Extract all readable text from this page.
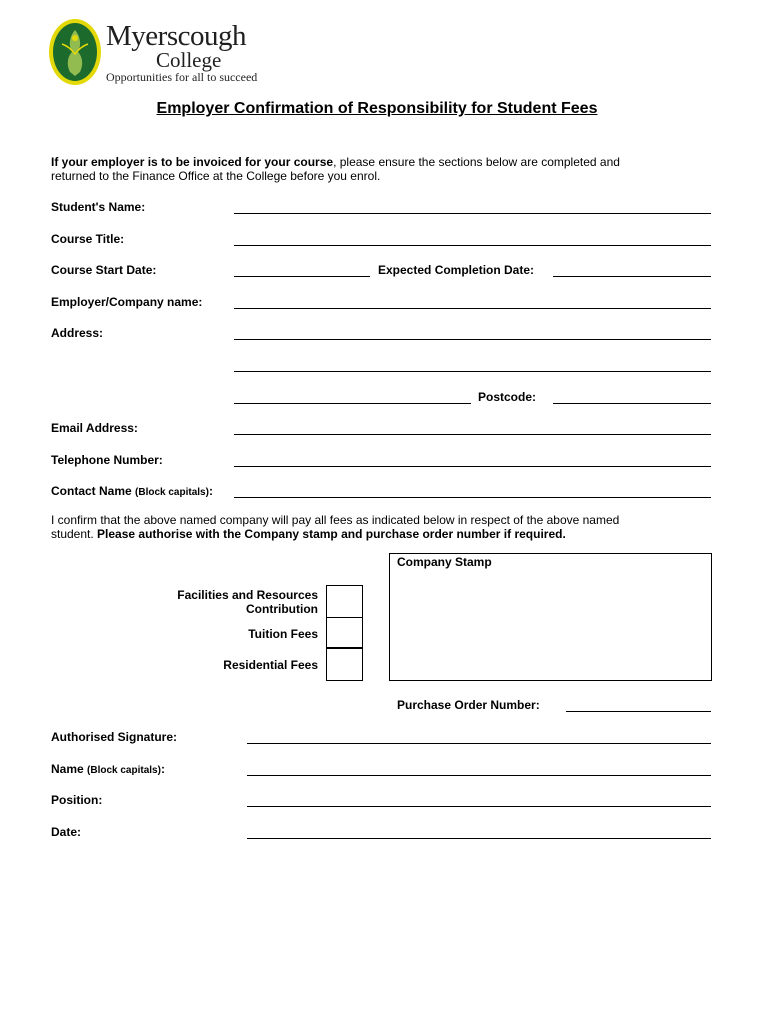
Myerscough
College
Opportunities for all to succeed
Employer Confirmation of Responsibility for Student Fees
If your employer is to be invoiced for your course, please ensure the sections below are completed and
returned to the Finance Office at the College before you enrol.
Student's Name:
Course Title:
Course Start Date:	Expected Completion Date:
Employer/Company name:
Address:
Postcode:
Email Address:
Telephone Number:
Contact Name (Block capitals):
I confirm that the above named company will pay all fees as indicated below in respect of the above named
student. Please authorise with the Company stamp and purchase order number if required.
Facilities and Resources
Contribution
Tuition Fees
Residential Fees
Company Stamp
Purchase Order Number:
Authorised Signature:
Name (Block capitals):
Position:
Date:
